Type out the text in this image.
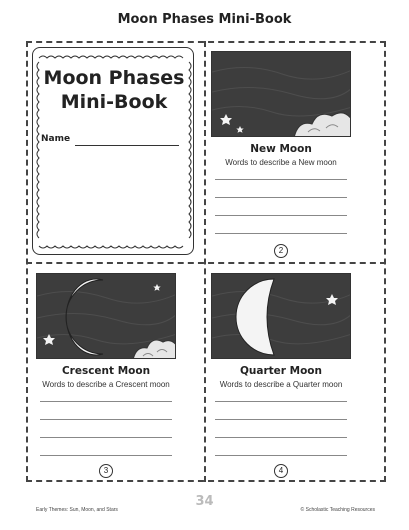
Moon Phases Mini-Book
Moon Phases
Mini-Book
Name
New Moon
Words to describe a New moon
2
Crescent Moon
Words to describe a Crescent moon
3
Quarter Moon
Words to describe a Quarter moon
4
Early Themes: Sun, Moon, and Stars
34
© Scholastic Teaching Resources
